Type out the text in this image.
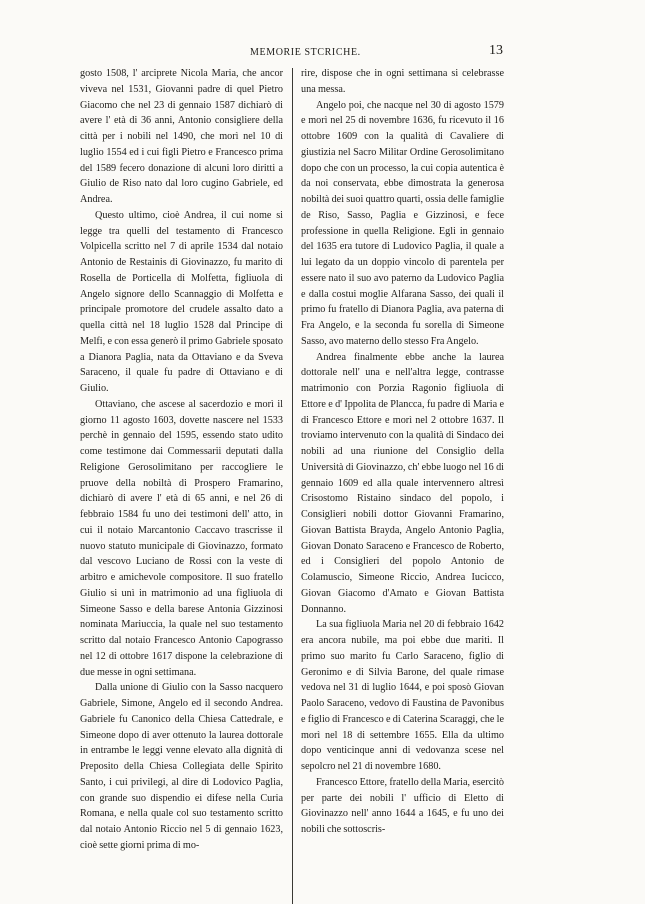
MEMORIE STCRICHE.	13

gosto 1508, l' arciprete Nicola Maria, che ancor viveva nel 1531, Giovanni padre di quel Pietro Giacomo che nel 23 di gennaio 1587 dichiarò di avere l' età di 36 anni, Antonio consigliere della città per i nobili nel 1490, che morì nel 10 di luglio 1554 ed i cui figli Pietro e Francesco prima del 1589 fecero donazione di alcuni loro diritti a Giulio de Riso nato dal loro cugino Gabriele, ed Andrea.

Questo ultimo, cioè Andrea, il cui nome si legge tra quelli del testamento di Francesco Volpicella scritto nel 7 di aprile 1534 dal notaio Antonio de Restainis di Giovinazzo, fu marito di Rosella de Porticella di Molfetta, figliuola di Angelo signore dello Scannaggio di Molfetta e principale promotore del crudele assalto dato a quella città nel 18 luglio 1528 dal Principe di Melfi, e con essa generò il primo Gabriele sposato a Dianora Paglia, nata da Ottaviano e da Sveva Saraceno, il quale fu padre di Ottaviano e di Giulio.

Ottaviano, che ascese al sacerdozio e morì il giorno 11 agosto 1603, dovette nascere nel 1533 perchè in gennaio del 1595, essendo stato udito come testimone dai Commessarii deputati dalla Religione Gerosolimitano per raccogliere le pruove della nobiltà di Prospero Framarino, dichiarò di avere l' età di 65 anni, e nel 26 di febbraio 1584 fu uno dei testimoni dell' atto, in cui il notaio Marcantonio Caccavo trascrisse il nuovo statuto municipale di Giovinazzo, formato dal vescovo Luciano de Rossi con la veste di arbitro e amichevole compositore. Il suo fratello Giulio si unì in matrimonio ad una figliuola di Simeone Sasso e della barese Antonia Gizzinosi nominata Mariuccia, la quale nel suo testamento scritto dal notaio Francesco Antonio Capograsso nel 12 di ottobre 1617 dispone la celebrazione di due messe in ogni settimana.

Dalla unione di Giulio con la Sasso nacquero Gabriele, Simone, Angelo ed il secondo Andrea. Gabriele fu Canonico della Chiesa Cattedrale, e Simeone dopo di aver ottenuto la laurea dottorale in entrambe le leggi venne elevato alla dignità di Preposito della Chiesa Collegiata delle Spirito Santo, i cui privilegi, al dire di Lodovico Paglia, con grande suo dispendio ei difese nella Curia Romana, e nella quale col suo testamento scritto dal notaio Antonio Riccio nel 5 di gennaio 1623, cioè sette giorni prima di mo-

rire, dispose che in ogni settimana si celebrasse una messa.

Angelo poi, che nacque nel 30 di agosto 1579 e morì nel 25 di novembre 1636, fu ricevuto il 16 ottobre 1609 con la qualità di Cavaliere di giustizia nel Sacro Militar Ordine Gerosolimitano dopo che con un processo, la cui copia autentica è da noi conservata, ebbe dimostrata la generosa nobiltà dei suoi quattro quarti, ossia delle famiglie de Riso, Sasso, Paglia e Gizzinosi, e fece professione in quella Religione. Egli in gennaio del 1635 era tutore di Ludovico Paglia, il quale a lui legato da un doppio vincolo di parentela per essere nato il suo avo paterno da Ludovico Paglia e dalla costui moglie Alfarana Sasso, dei quali il primo fu fratello di Dianora Paglia, ava paterna di Fra Angelo, e la seconda fu sorella di Simeone Sasso, avo materno dello stesso Fra Angelo.

Andrea finalmente ebbe anche la laurea dottorale nell' una e nell'altra legge, contrasse matrimonio con Porzia Ragonio figliuola di Ettore e d' Ippolita de Plancca, fu padre di Maria e di Francesco Ettore e morì nel 2 ottobre 1637. Il troviamo intervenuto con la qualità di Sindaco dei nobili ad una riunione del Consiglio della Università di Giovinazzo, ch' ebbe luogo nel 16 di gennaio 1609 ed alla quale intervennero altresì Crisostomo Ristaino sindaco del popolo, i Consiglieri nobili dottor Giovanni Framarino, Giovan Battista Brayda, Angelo Antonio Paglia, Giovan Donato Saraceno e Francesco de Roberto, ed i Consiglieri del popolo Antonio de Colamuscio, Simeone Riccio, Andrea Iucicco, Giovan Giacomo d'Amato e Giovan Battista Donnanno.

La sua figliuola Maria nel 20 di febbraio 1642 era ancora nubile, ma poi ebbe due mariti. Il primo suo marito fu Carlo Saraceno, figlio di Geronimo e di Silvia Barone, del quale rimase vedova nel 31 di luglio 1644, e poi sposò Giovan Paolo Saraceno, vedovo di Faustina de Pavonibus e figlio di Francesco e di Caterina Scaraggi, che le morì nel 18 di settembre 1655. Ella da ultimo dopo venticinque anni di vedovanza scese nel sepolcro nel 21 di novembre 1680.

Francesco Ettore, fratello della Maria, esercitò per parte dei nobili l' ufficio di Eletto di Giovinazzo nell' anno 1644 a 1645, e fu uno dei nobili che sottoscris-
